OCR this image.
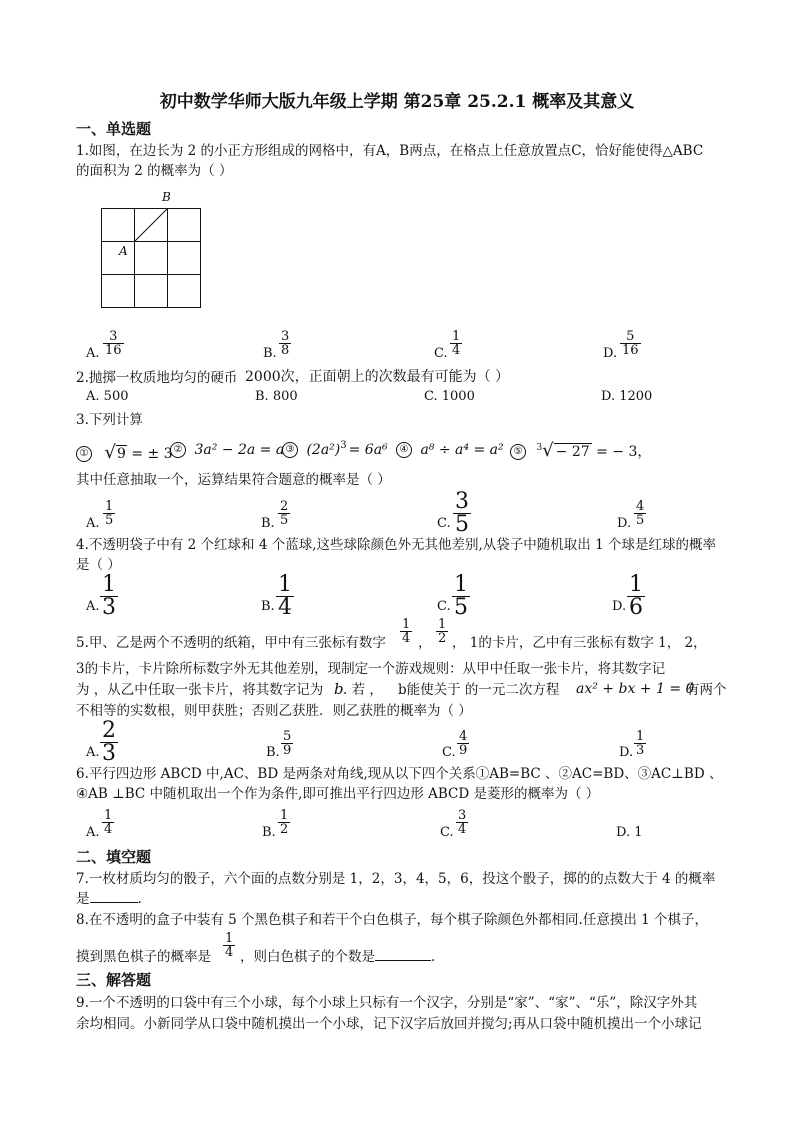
初中数学华师大版九年级上学期 第25章 25.2.1 概率及其意义
一、单选题
1.如图，在边长为 2 的小正方形组成的网格中，有A，B两点，在格点上任意放置点C，恰好能使得△ABC
的面积为 2 的概率为（ ）
B
A
A. $\frac{3}{16}$	B. $\frac{3}{8}$	C. $\frac{1}{4}$	D. $\frac{5}{16}$
2.抛掷一枚质地均匀的硬币 2000次，正面朝上的次数最有可能为（ ）
A. 500	B. 800	C. 1000	D. 1200
3.下列计算
① √9 = ± 3 ② 3a² − 2a = a ③ $(2a^2)^3 = 6a^6$	④ a⁸ ÷ a⁴ = a² ⑤ $^3$√ − 27 = − 3，
其中任意抽取一个，运算结果符合题意的概率是（ ）
A. $\frac{1}{5}$	B. $\frac{2}{5}$	C. $\frac{3}{5}$	D. $\frac{4}{5}$
4.不透明袋子中有 2 个红球和 4 个蓝球,这些球除颜色外无其他差别,从袋子中随机取出 1 个球是红球的概率
是（ ）
A. $\frac{1}{3}$	B. $\frac{1}{4}$	C. $\frac{1}{5}$	D. $\frac{1}{6}$
5.甲、乙是两个不透明的纸箱，甲中有三张标有数字 $\frac{1}{4}$ ， $\frac{1}{2}$ ， 1的卡片，乙中有三张标有数字 1， 2，
3的卡片，卡片除所标数字外无其他差别，现制定一个游戏规则：从甲中任取一张卡片，将其数字记
为 ，从乙中任取一张卡片，将其数字记为 b . 若 ， b能使关于 的一元二次方程 ax² + bx + 1 = 0
有两个
不相等的实数根，则甲获胜；否则乙获胜．则乙获胜的概率为（ ）
A. $\frac{2}{3}$	B. $\frac{5}{9}$	C. $\frac{4}{9}$	D. $\frac{1}{3}$
6.平行四边形 ABCD 中,AC、BD 是两条对角线,现从以下四个关系①AB=BC 、②AC=BD、③AC⊥BD 、
④AB ⊥BC 中随机取出一个作为条件,即可推出平行四边形 ABCD 是菱形的概率为（ ）
A. $\frac{1}{4}$	B. $\frac{1}{2}$	C. $\frac{3}{4}$	D. 1
二、填空题
7.一枚材质均匀的骰子，六个面的点数分别是 1，2，3，4，5，6，投这个骰子，掷的的点数大于 4 的概率
是	.
8.在不透明的盒子中装有 5 个黑色棋子和若干个白色棋子，每个棋子除颜色外都相同.任意摸出 1 个棋子，
摸到黑色棋子的概率是 $\frac{1}{4}$ ，则白色棋子的个数是	.
三、解答题
9.一个不透明的口袋中有三个小球，每个小球上只标有一个汉字，分别是“家”、“家”、“乐”，除汉字外其
余均相同。小新同学从口袋中随机摸出一个小球，记下汉字后放回并搅匀;再从口袋中随机摸出一个小球记
